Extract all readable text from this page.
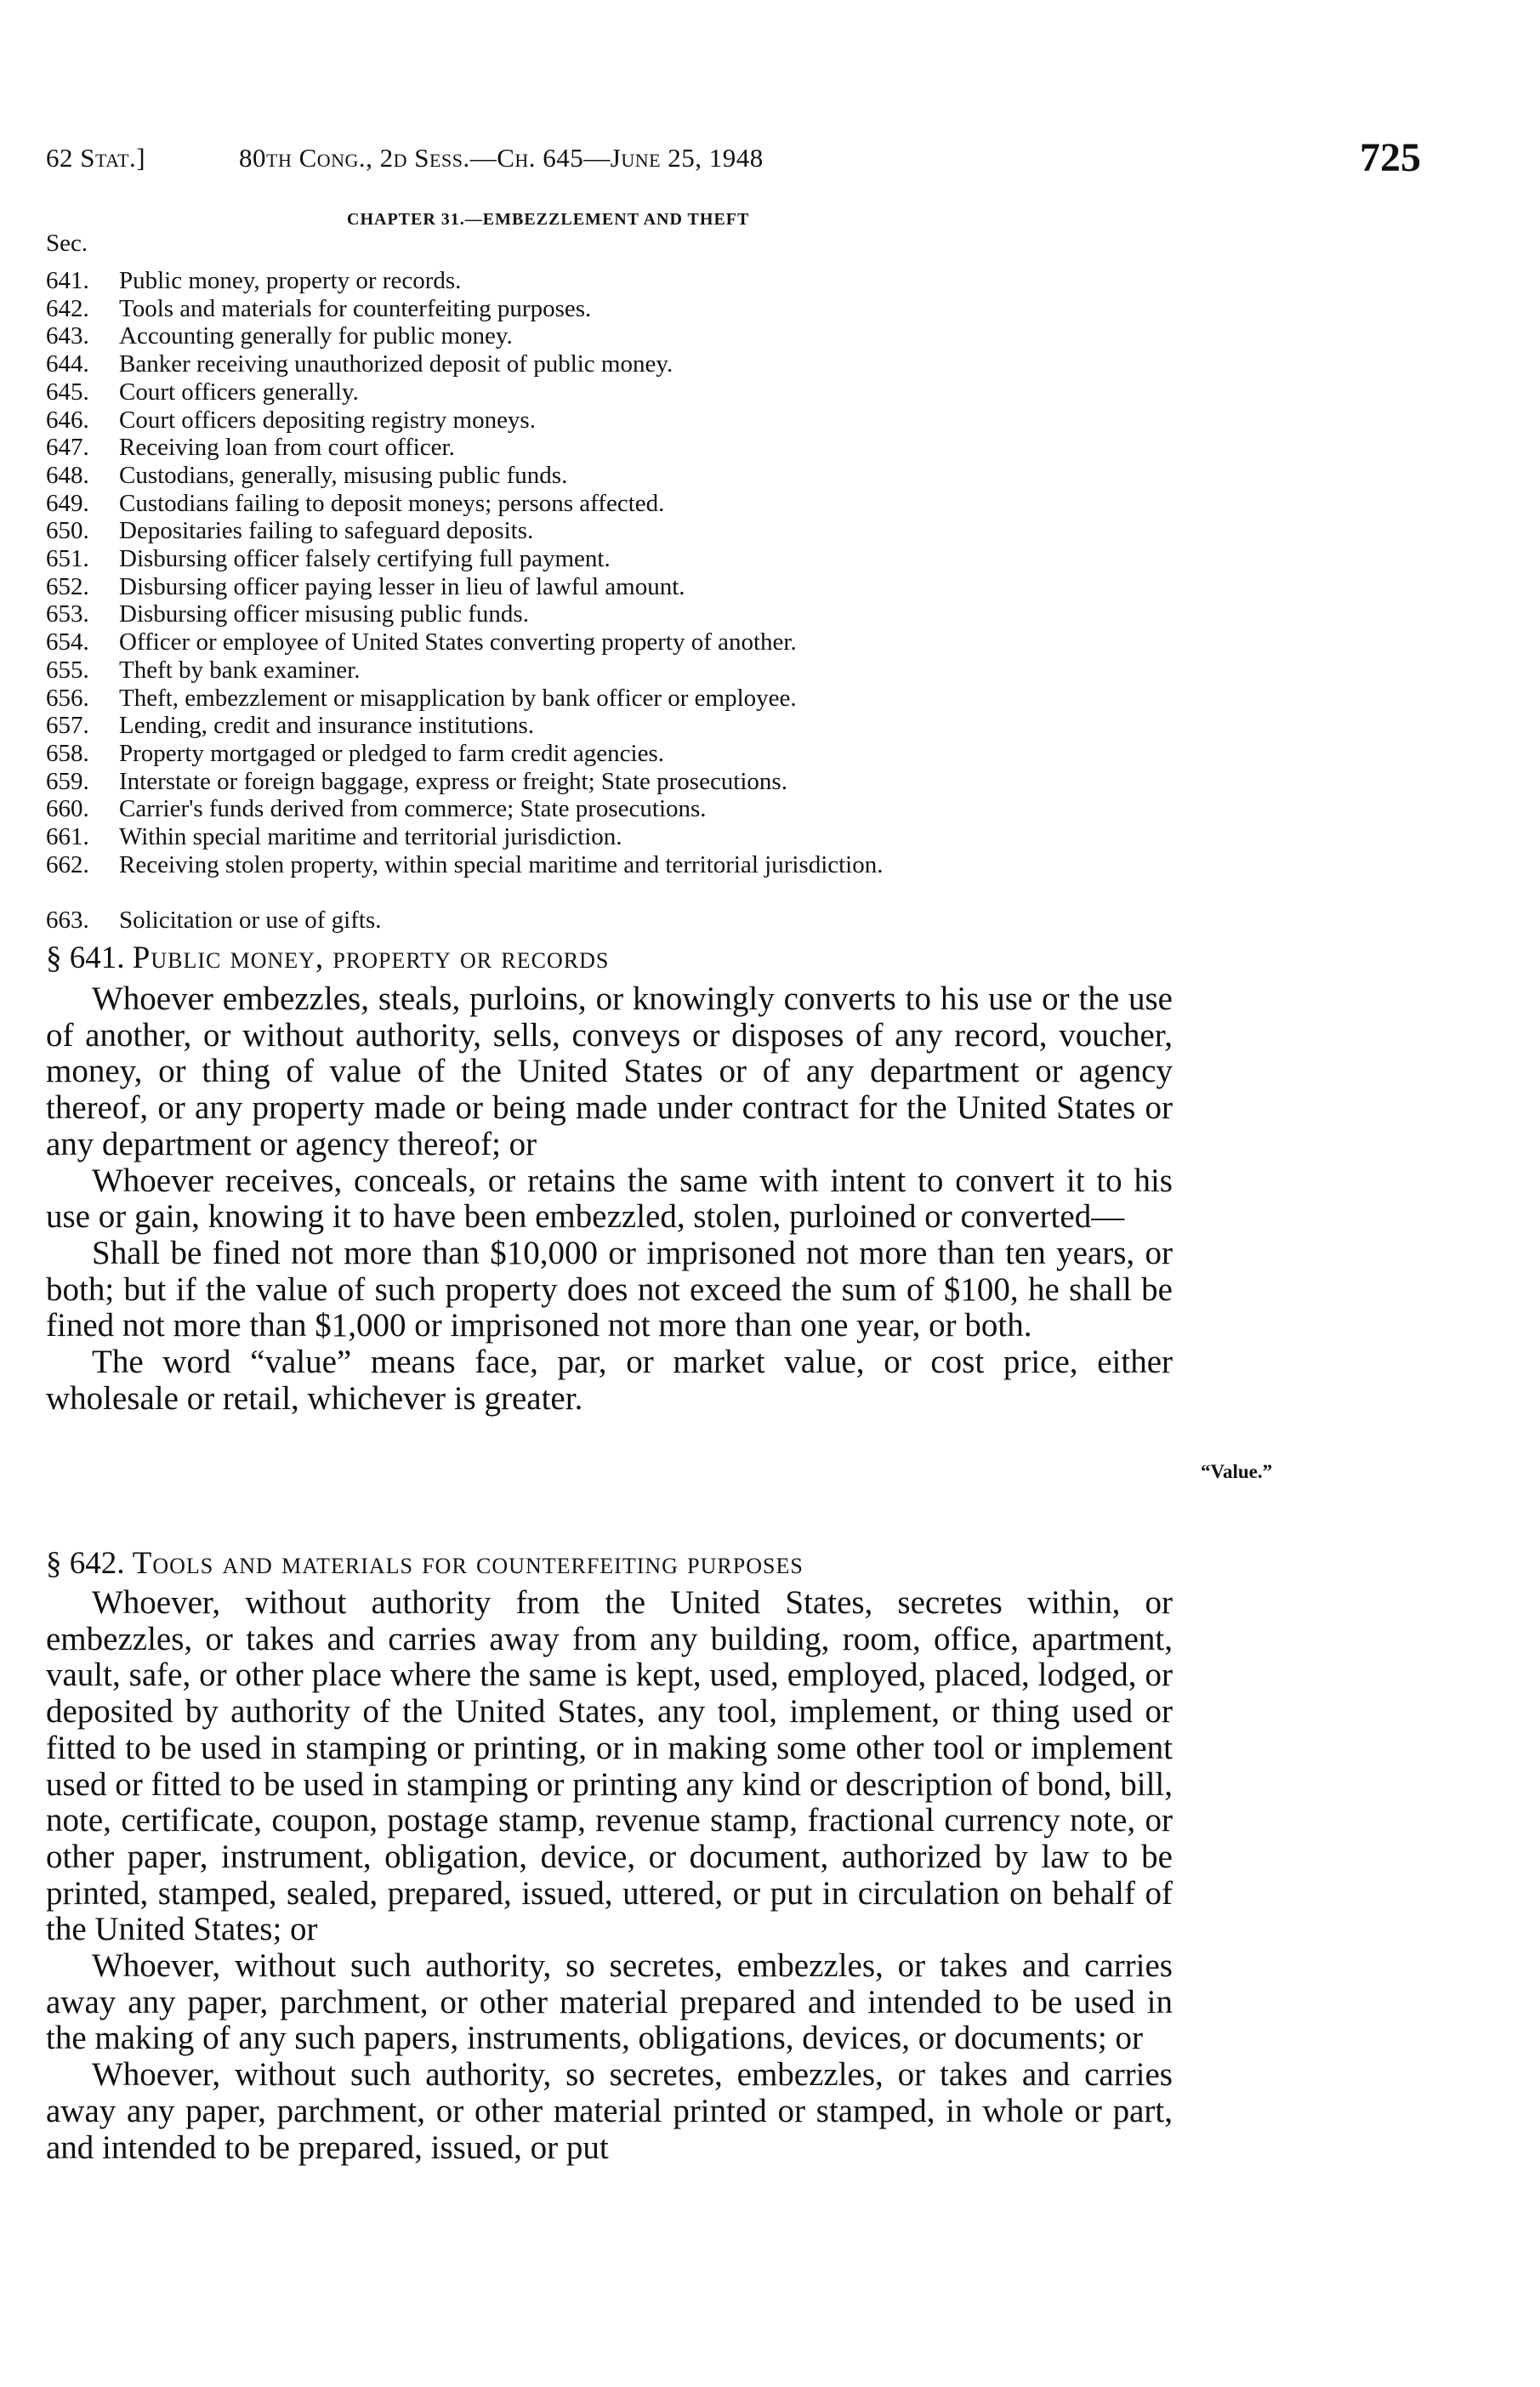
62 Stat.]	80th Cong., 2d Sess.—Ch. 645—June 25, 1948	725
CHAPTER 31.—EMBEZZLEMENT AND THEFT
Sec.
641.	Public money, property or records.
642.	Tools and materials for counterfeiting purposes.
643.	Accounting generally for public money.
644.	Banker receiving unauthorized deposit of public money.
645.	Court officers generally.
646.	Court officers depositing registry moneys.
647.	Receiving loan from court officer.
648.	Custodians, generally, misusing public funds.
649.	Custodians failing to deposit moneys; persons affected.
650.	Depositaries failing to safeguard deposits.
651.	Disbursing officer falsely certifying full payment.
652.	Disbursing officer paying lesser in lieu of lawful amount.
653.	Disbursing officer misusing public funds.
654.	Officer or employee of United States converting property of another.
655.	Theft by bank examiner.
656.	Theft, embezzlement or misapplication by bank officer or employee.
657.	Lending, credit and insurance institutions.
658.	Property mortgaged or pledged to farm credit agencies.
659.	Interstate or foreign baggage, express or freight; State prosecutions.
660.	Carrier's funds derived from commerce; State prosecutions.
661.	Within special maritime and territorial jurisdiction.
662.	Receiving stolen property, within special maritime and territorial jurisdiction.
663.	Solicitation or use of gifts.
§ 641. Public money, property or records

Whoever embezzles, steals, purloins, or knowingly converts to his use or the use of another, or without authority, sells, conveys or disposes of any record, voucher, money, or thing of value of the United States or of any department or agency thereof, or any property made or being made under contract for the United States or any department or agency thereof; or

Whoever receives, conceals, or retains the same with intent to convert it to his use or gain, knowing it to have been embezzled, stolen, purloined or converted—

Shall be fined not more than $10,000 or imprisoned not more than ten years, or both; but if the value of such property does not exceed the sum of $100, he shall be fined not more than $1,000 or imprisoned not more than one year, or both.

The word “value” means face, par, or market value, or cost price, either wholesale or retail, whichever is greater.

“Value.”
§ 642. Tools and materials for counterfeiting purposes

Whoever, without authority from the United States, secretes within, or embezzles, or takes and carries away from any building, room, office, apartment, vault, safe, or other place where the same is kept, used, employed, placed, lodged, or deposited by authority of the United States, any tool, implement, or thing used or fitted to be used in stamping or printing, or in making some other tool or implement used or fitted to be used in stamping or printing any kind or description of bond, bill, note, certificate, coupon, postage stamp, revenue stamp, fractional currency note, or other paper, instrument, obligation, device, or document, authorized by law to be printed, stamped, sealed, prepared, issued, uttered, or put in circulation on behalf of the United States; or

Whoever, without such authority, so secretes, embezzles, or takes and carries away any paper, parchment, or other material prepared and intended to be used in the making of any such papers, instruments, obligations, devices, or documents; or

Whoever, without such authority, so secretes, embezzles, or takes and carries away any paper, parchment, or other material printed or stamped, in whole or part, and intended to be prepared, issued, or put
